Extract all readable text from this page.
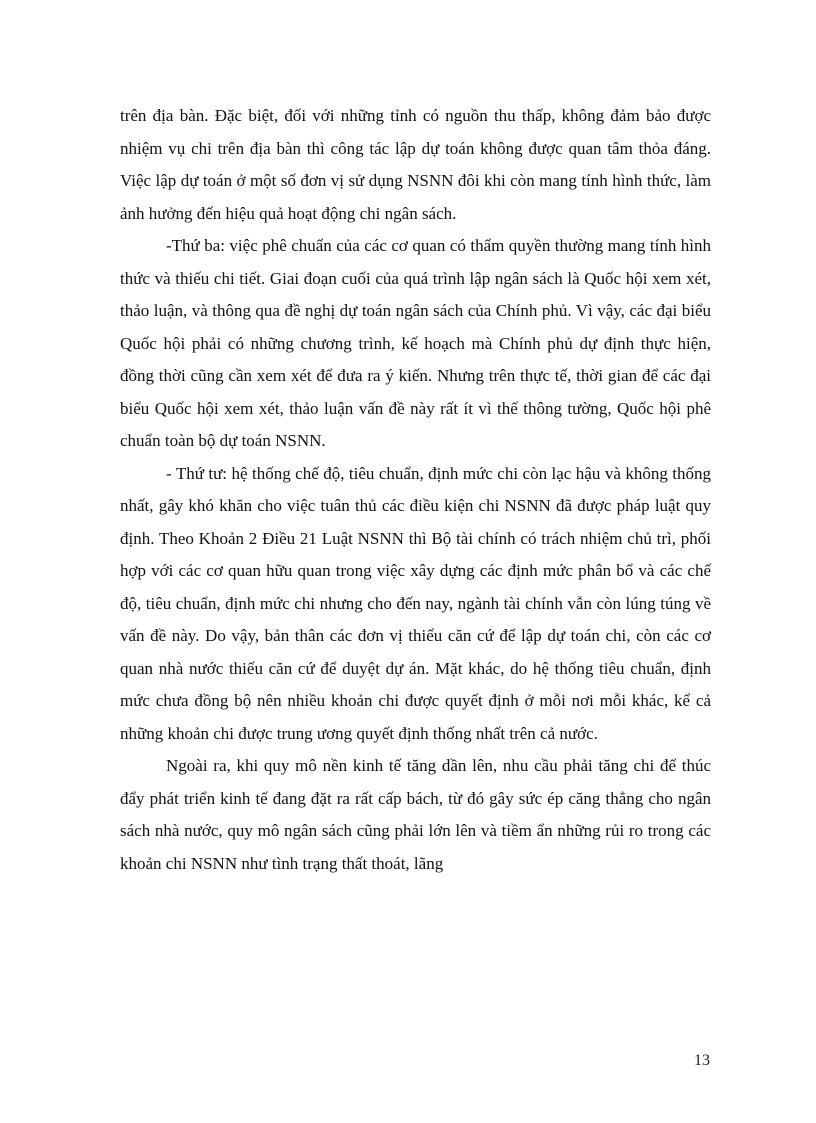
trên địa bàn. Đặc biệt, đối với những tỉnh có nguồn thu thấp, không đảm bảo được nhiệm vụ chi trên địa bàn thì công tác lập dự toán không được quan tâm thỏa đáng. Việc lập dự toán ở một số đơn vị sử dụng NSNN đôi khi còn mang tính hình thức, làm ảnh hưởng đến hiệu quả hoạt động chi ngân sách.

-Thứ ba: việc phê chuẩn của các cơ quan có thẩm quyền thường mang tính hình thức và thiếu chi tiết. Giai đoạn cuối của quá trình lập ngân sách là Quốc hội xem xét, thảo luận, và thông qua đề nghị dự toán ngân sách của Chính phủ. Vì vậy, các đại biểu Quốc hội phải có những chương trình, kế hoạch mà Chính phủ dự định thực hiện, đồng thời cũng cần xem xét để đưa ra ý kiến. Nhưng trên thực tế, thời gian để các đại biểu Quốc hội xem xét, thảo luận vấn đề này rất ít vì thế thông tường, Quốc hội phê chuẩn toàn bộ dự toán NSNN.

- Thứ tư: hệ thống chế độ, tiêu chuẩn, định mức chi còn lạc hậu và không thống nhất, gây khó khăn cho việc tuân thủ các điều kiện chi NSNN đã được pháp luật quy định. Theo Khoản 2 Điều 21 Luật NSNN thì Bộ tài chính có trách nhiệm chủ trì, phối hợp với các cơ quan hữu quan trong việc xây dựng các định mức phân bổ và các chế độ, tiêu chuẩn, định mức chi nhưng cho đến nay, ngành tài chính vẫn còn lúng túng về vấn đề này. Do vậy, bản thân các đơn vị thiếu căn cứ để lập dự toán chi, còn các cơ quan nhà nước thiếu căn cứ để duyệt dự án. Mặt khác, do hệ thống tiêu chuẩn, định mức chưa đồng bộ nên nhiều khoản chi được quyết định ở mỗi nơi mỗi khác, kể cả những khoản chi được trung ương quyết định thống nhất trên cả nước.

Ngoài ra, khi quy mô nền kinh tế tăng dần lên, nhu cầu phải tăng chi để thúc đẩy phát triển kinh tế đang đặt ra rất cấp bách, từ đó gây sức ép căng thẳng cho ngân sách nhà nước, quy mô ngân sách cũng phải lớn lên và tiềm ẩn những rủi ro trong các khoản chi NSNN như tình trạng thất thoát, lãng

13
